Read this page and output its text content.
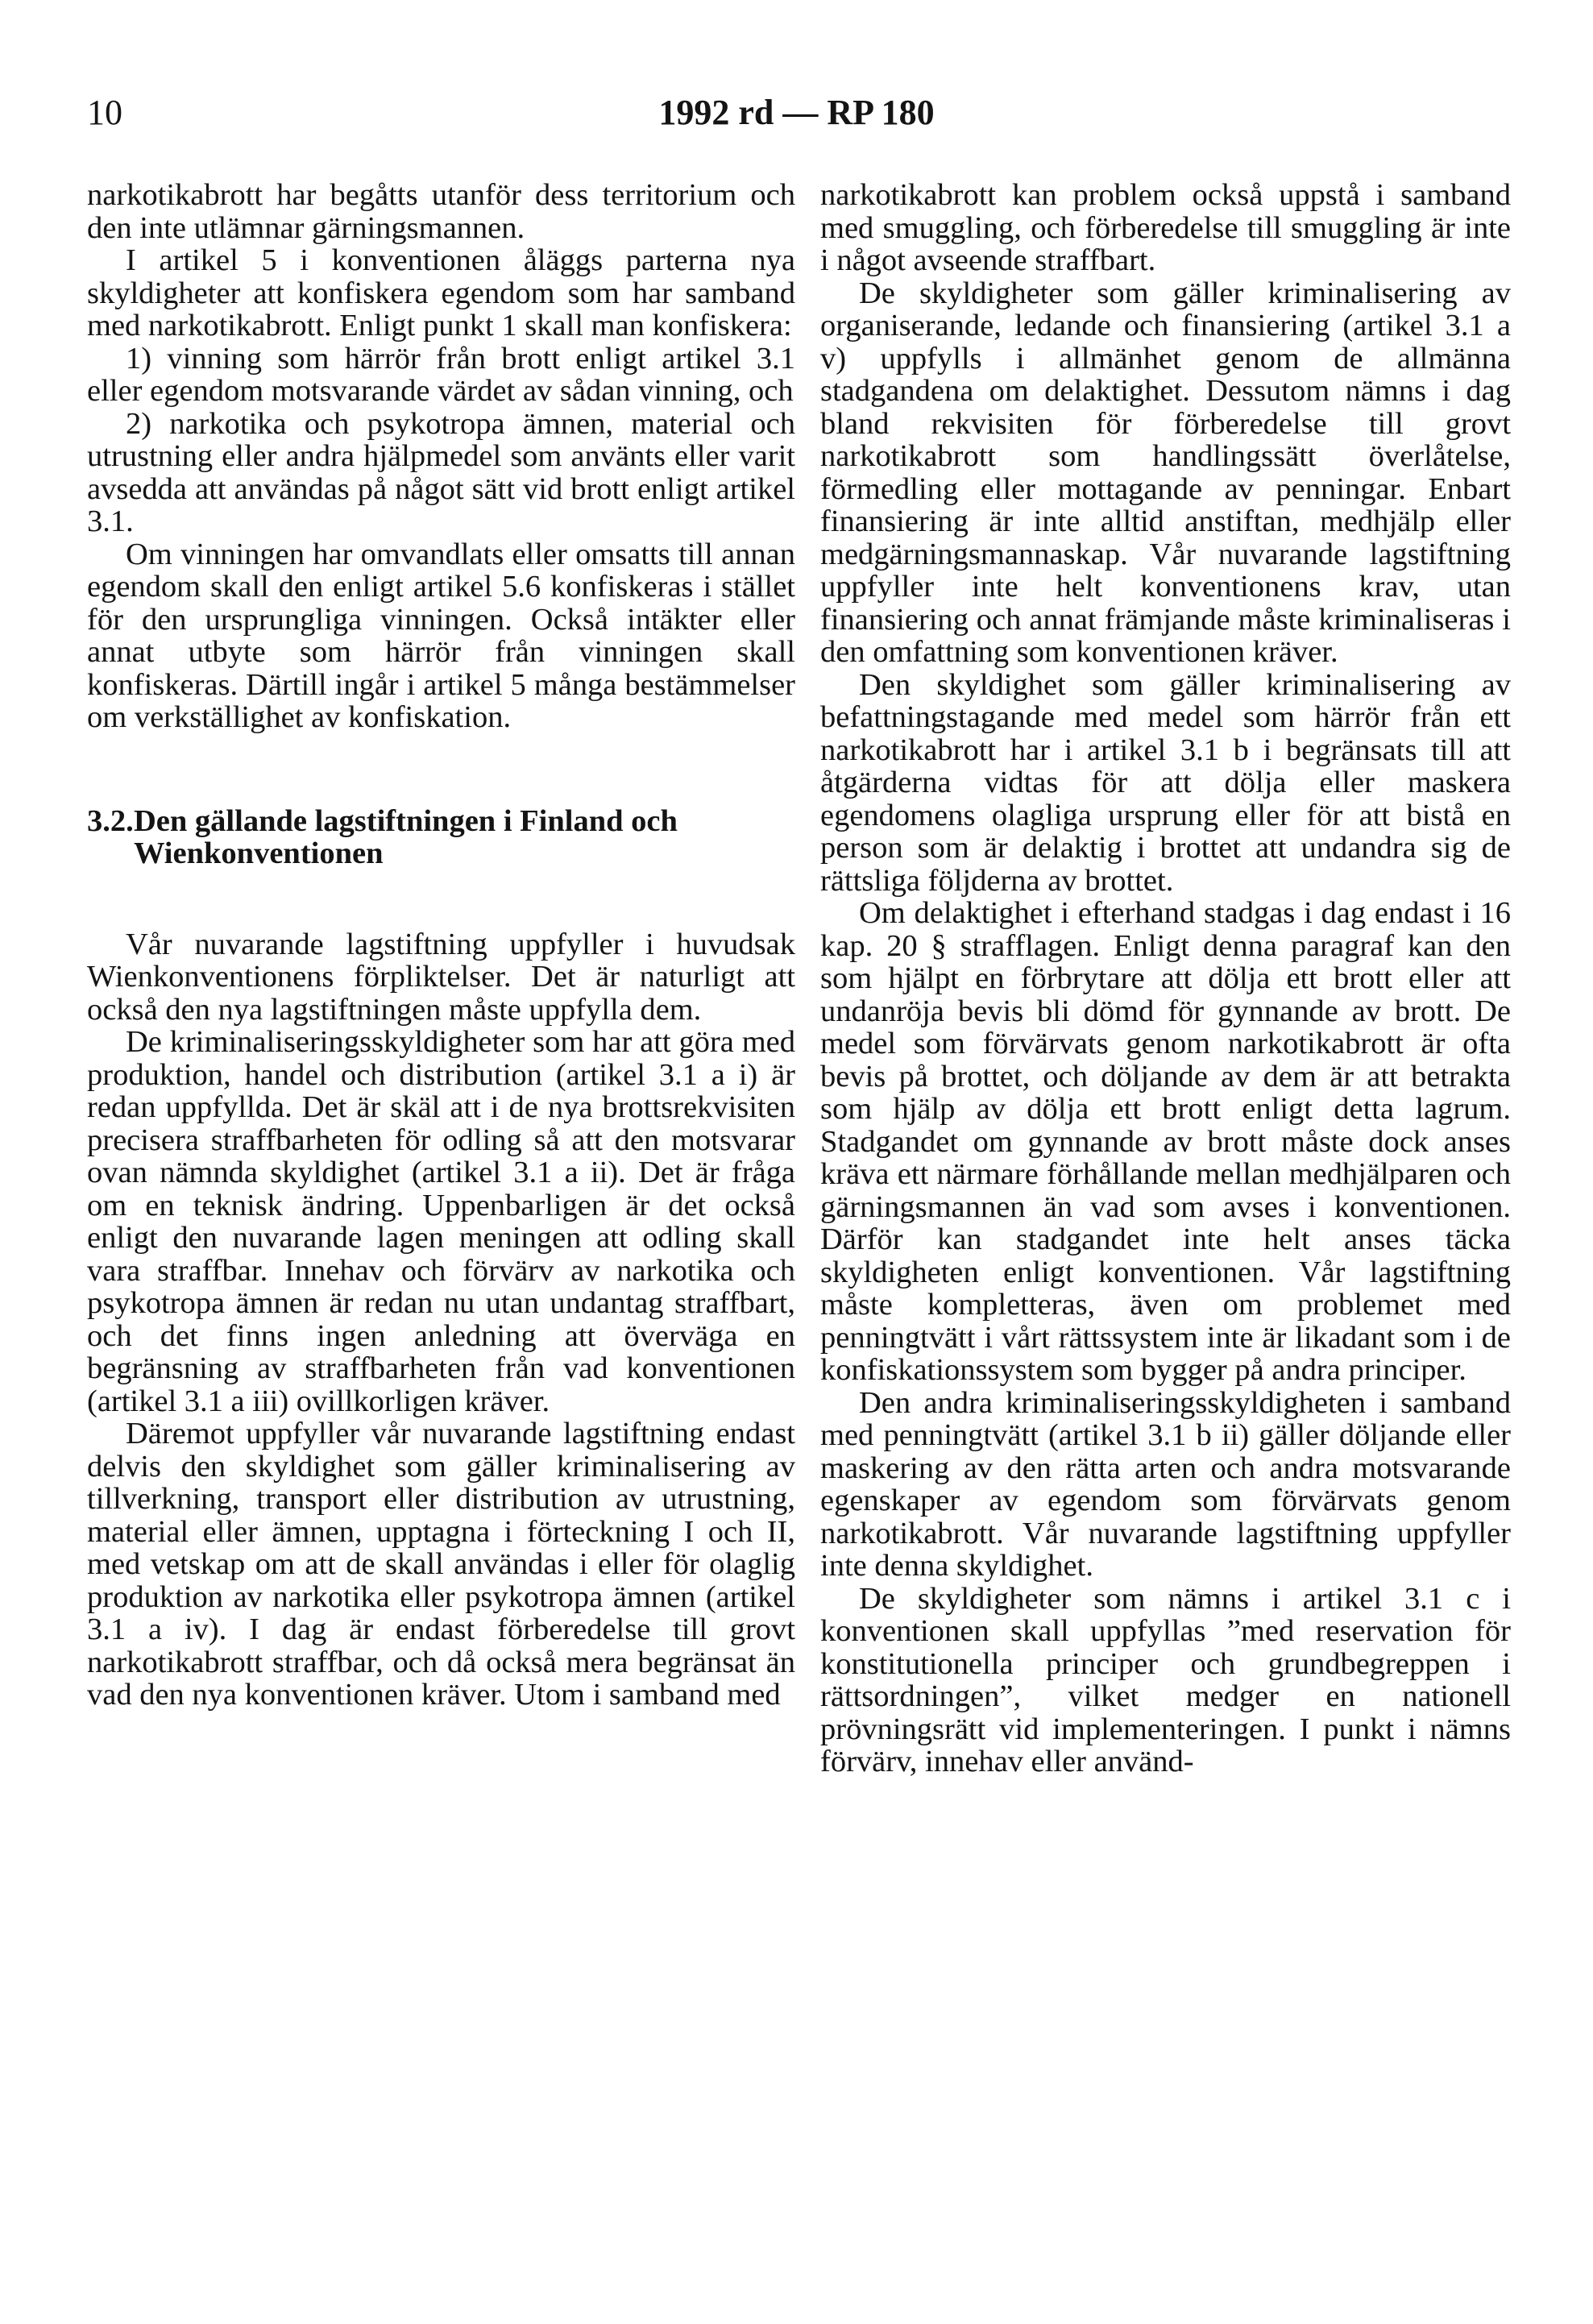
10	1992 rd — RP 180

narkotikabrott har begåtts utanför dess territorium och den inte utlämnar gärningsmannen.

I artikel 5 i konventionen åläggs parterna nya skyldigheter att konfiskera egendom som har samband med narkotikabrott. Enligt punkt 1 skall man konfiskera:

1) vinning som härrör från brott enligt artikel 3.1 eller egendom motsvarande värdet av sådan vinning, och

2) narkotika och psykotropa ämnen, material och utrustning eller andra hjälpmedel som använts eller varit avsedda att användas på något sätt vid brott enligt artikel 3.1.

Om vinningen har omvandlats eller omsatts till annan egendom skall den enligt artikel 5.6 konfiskeras i stället för den ursprungliga vinningen. Också intäkter eller annat utbyte som härrör från vinningen skall konfiskeras. Därtill ingår i artikel 5 många bestämmelser om verkställighet av konfiskation.

3.2. Den gällande lagstiftningen i Finland och Wienkonventionen

Vår nuvarande lagstiftning uppfyller i huvudsak Wienkonventionens förpliktelser. Det är naturligt att också den nya lagstiftningen måste uppfylla dem.

De kriminaliseringsskyldigheter som har att göra med produktion, handel och distribution (artikel 3.1 a i) är redan uppfyllda. Det är skäl att i de nya brottsrekvisiten precisera straffbarheten för odling så att den motsvarar ovan nämnda skyldighet (artikel 3.1 a ii). Det är fråga om en teknisk ändring. Uppenbarligen är det också enligt den nuvarande lagen meningen att odling skall vara straffbar. Innehav och förvärv av narkotika och psykotropa ämnen är redan nu utan undantag straffbart, och det finns ingen anledning att överväga en begränsning av straffbarheten från vad konventionen (artikel 3.1 a iii) ovillkorligen kräver.

Däremot uppfyller vår nuvarande lagstiftning endast delvis den skyldighet som gäller kriminalisering av tillverkning, transport eller distribution av utrustning, material eller ämnen, upptagna i förteckning I och II, med vetskap om att de skall användas i eller för olaglig produktion av narkotika eller psykotropa ämnen (artikel 3.1 a iv). I dag är endast förberedelse till grovt narkotikabrott straffbar, och då också mera begränsat än vad den nya konventionen kräver. Utom i samband med

narkotikabrott kan problem också uppstå i samband med smuggling, och förberedelse till smuggling är inte i något avseende straffbart.

De skyldigheter som gäller kriminalisering av organiserande, ledande och finansiering (artikel 3.1 a v) uppfylls i allmänhet genom de allmänna stadgandena om delaktighet. Dessutom nämns i dag bland rekvisiten för förberedelse till grovt narkotikabrott som handlingssätt överlåtelse, förmedling eller mottagande av penningar. Enbart finansiering är inte alltid anstiftan, medhjälp eller medgärningsmannaskap. Vår nuvarande lagstiftning uppfyller inte helt konventionens krav, utan finansiering och annat främjande måste kriminaliseras i den omfattning som konventionen kräver.

Den skyldighet som gäller kriminalisering av befattningstagande med medel som härrör från ett narkotikabrott har i artikel 3.1 b i begränsats till att åtgärderna vidtas för att dölja eller maskera egendomens olagliga ursprung eller för att bistå en person som är delaktig i brottet att undandra sig de rättsliga följderna av brottet.

Om delaktighet i efterhand stadgas i dag endast i 16 kap. 20 § strafflagen. Enligt denna paragraf kan den som hjälpt en förbrytare att dölja ett brott eller att undanröja bevis bli dömd för gynnande av brott. De medel som förvärvats genom narkotikabrott är ofta bevis på brottet, och döljande av dem är att betrakta som hjälp av dölja ett brott enligt detta lagrum. Stadgandet om gynnande av brott måste dock anses kräva ett närmare förhållande mellan medhjälparen och gärningsmannen än vad som avses i konventionen. Därför kan stadgandet inte helt anses täcka skyldigheten enligt konventionen. Vår lagstiftning måste kompletteras, även om problemet med penningtvätt i vårt rättssystem inte är likadant som i de konfiskationssystem som bygger på andra principer.

Den andra kriminaliseringsskyldigheten i samband med penningtvätt (artikel 3.1 b ii) gäller döljande eller maskering av den rätta arten och andra motsvarande egenskaper av egendom som förvärvats genom narkotikabrott. Vår nuvarande lagstiftning uppfyller inte denna skyldighet.

De skyldigheter som nämns i artikel 3.1 c i konventionen skall uppfyllas ”med reservation för konstitutionella principer och grundbegreppen i rättsordningen”, vilket medger en nationell prövningsrätt vid implementeringen. I punkt i nämns förvärv, innehav eller använd-
